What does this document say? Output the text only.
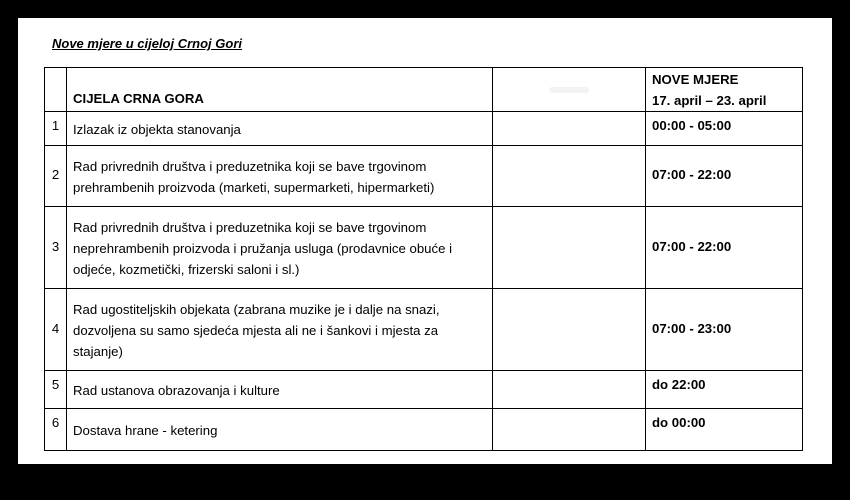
Nove mjere u cijeloj Crnoj Gori
	CIJELA CRNA GORA		NOVE MJERE
17. april – 23. april

1	Izlazak iz objekta stanovanja		00:00 - 05:00
2	Rad privrednih društva i preduzetnika koji se bave trgovinom
prehrambenih proizvoda (marketi, supermarketi, hipermarketi)		07:00 - 22:00
3	Rad privrednih društva i preduzetnika koji se bave trgovinom
neprehrambenih proizvoda i pružanja usluga (prodavnice obuće i
odjeće, kozmetički, frizerski saloni i sl.)		07:00 - 22:00
4	Rad ugostiteljskih objekata (zabrana muzike je i dalje na snazi,
dozvoljena su samo sjedeća mjesta ali ne i šankovi i mjesta za
stajanje)		07:00 - 23:00
5	Rad ustanova obrazovanja i kulture		do 22:00
6	Dostava hrane - ketering		do 00:00
